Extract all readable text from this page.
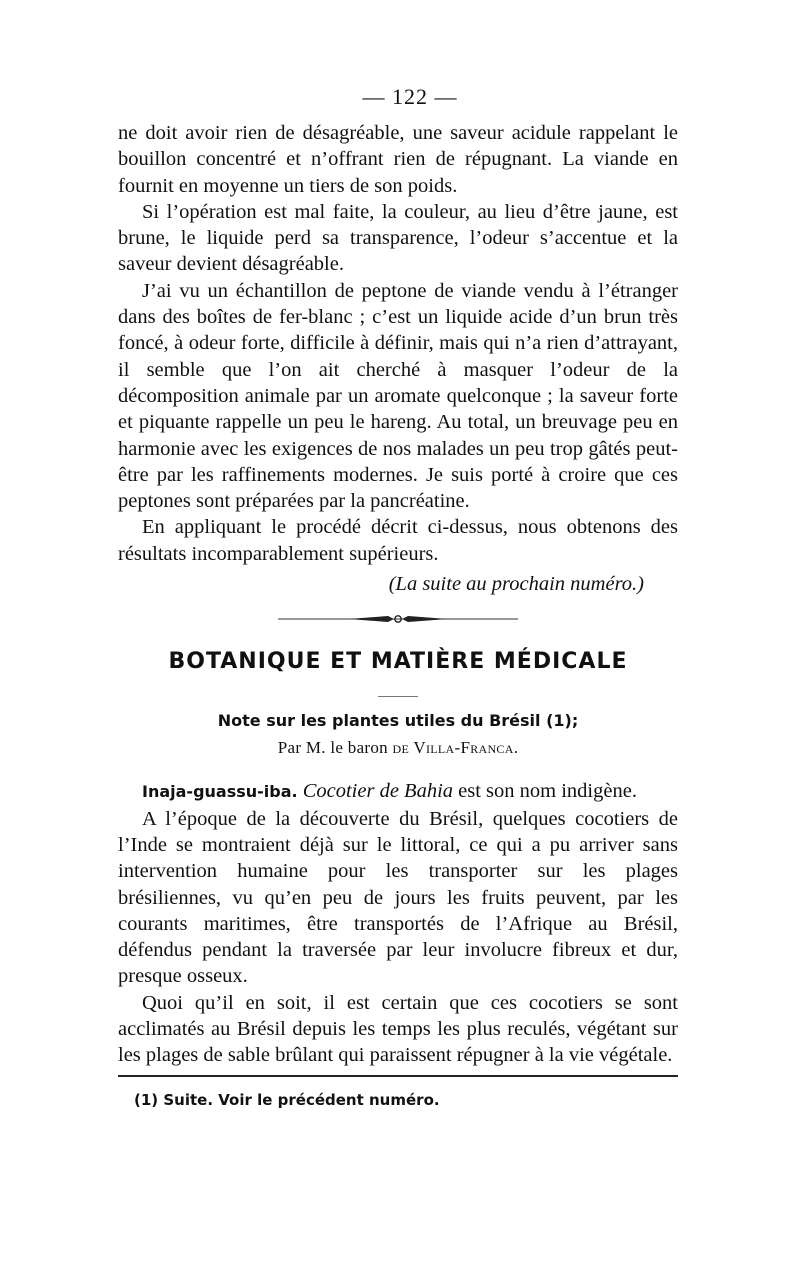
— 122 —

ne doit avoir rien de désagréable, une saveur acidule rappelant le bouillon concentré et n’offrant rien de répugnant. La viande en fournit en moyenne un tiers de son poids.

Si l’opération est mal faite, la couleur, au lieu d’être jaune, est brune, le liquide perd sa transparence, l’odeur s’accentue et la saveur devient désagréable.

J’ai vu un échantillon de peptone de viande vendu à l’étranger dans des boîtes de fer-blanc ; c’est un liquide acide d’un brun très foncé, à odeur forte, difficile à définir, mais qui n’a rien d’attrayant, il semble que l’on ait cherché à masquer l’odeur de la décomposition animale par un aromate quelconque ; la saveur forte et piquante rappelle un peu le hareng. Au total, un breuvage peu en harmonie avec les exigences de nos malades un peu trop gâtés peut-être par les raffinements modernes. Je suis porté à croire que ces peptones sont préparées par la pancréatine.

En appliquant le procédé décrit ci-dessus, nous obtenons des résultats incomparablement supérieurs.

(La suite au prochain numéro.)
BOTANIQUE ET MATIÈRE MÉDICALE
Note sur les plantes utiles du Brésil (1);
Par M. le baron de Villa-Franca.

Inaja-guassu-iba. Cocotier de Bahia est son nom indigène.

A l’époque de la découverte du Brésil, quelques cocotiers de l’Inde se montraient déjà sur le littoral, ce qui a pu arriver sans intervention humaine pour les transporter sur les plages brésiliennes, vu qu’en peu de jours les fruits peuvent, par les courants maritimes, être transportés de l’Afrique au Brésil, défendus pendant la traversée par leur involucre fibreux et dur, presque osseux.

Quoi qu’il en soit, il est certain que ces cocotiers se sont acclimatés au Brésil depuis les temps les plus reculés, végétant sur les plages de sable brûlant qui paraissent répugner à la vie végétale.

(1) Suite. Voir le précédent numéro.
